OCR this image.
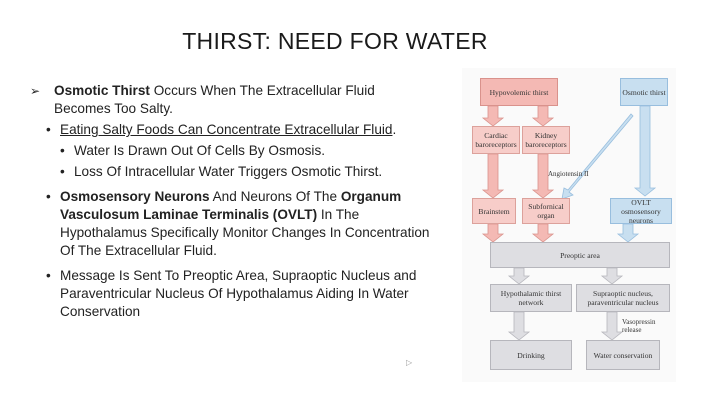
THIRST: NEED FOR WATER
➢ Osmotic Thirst Occurs When The Extracellular Fluid Becomes Too Salty.
• Eating Salty Foods Can Concentrate Extracellular Fluid.
• Water Is Drawn Out Of Cells By Osmosis.
• Loss Of Intracellular Water Triggers Osmotic Thirst.
• Osmosensory Neurons And Neurons Of The Organum Vasculosum Laminae Terminalis (OVLT) In The Hypothalamus Specifically Monitor Changes In Concentration Of The Extracellular Fluid.
• Message Is Sent To Preoptic Area, Supraoptic Nucleus and Paraventricular Nucleus Of Hypothalamus Aiding In Water Conservation
▷
Hypovolemic thirst	Osmotic thirst
Cardiac baroreceptors
Kidney baroreceptors
Angiotensin II
Brainstem	Subfornical organ
OVLT osmosensory neurons
Preoptic area
Hypothalamic thirst network
Supraoptic nucleus, paraventricular nucleus
Vasopressin release
Drinking	Water conservation
